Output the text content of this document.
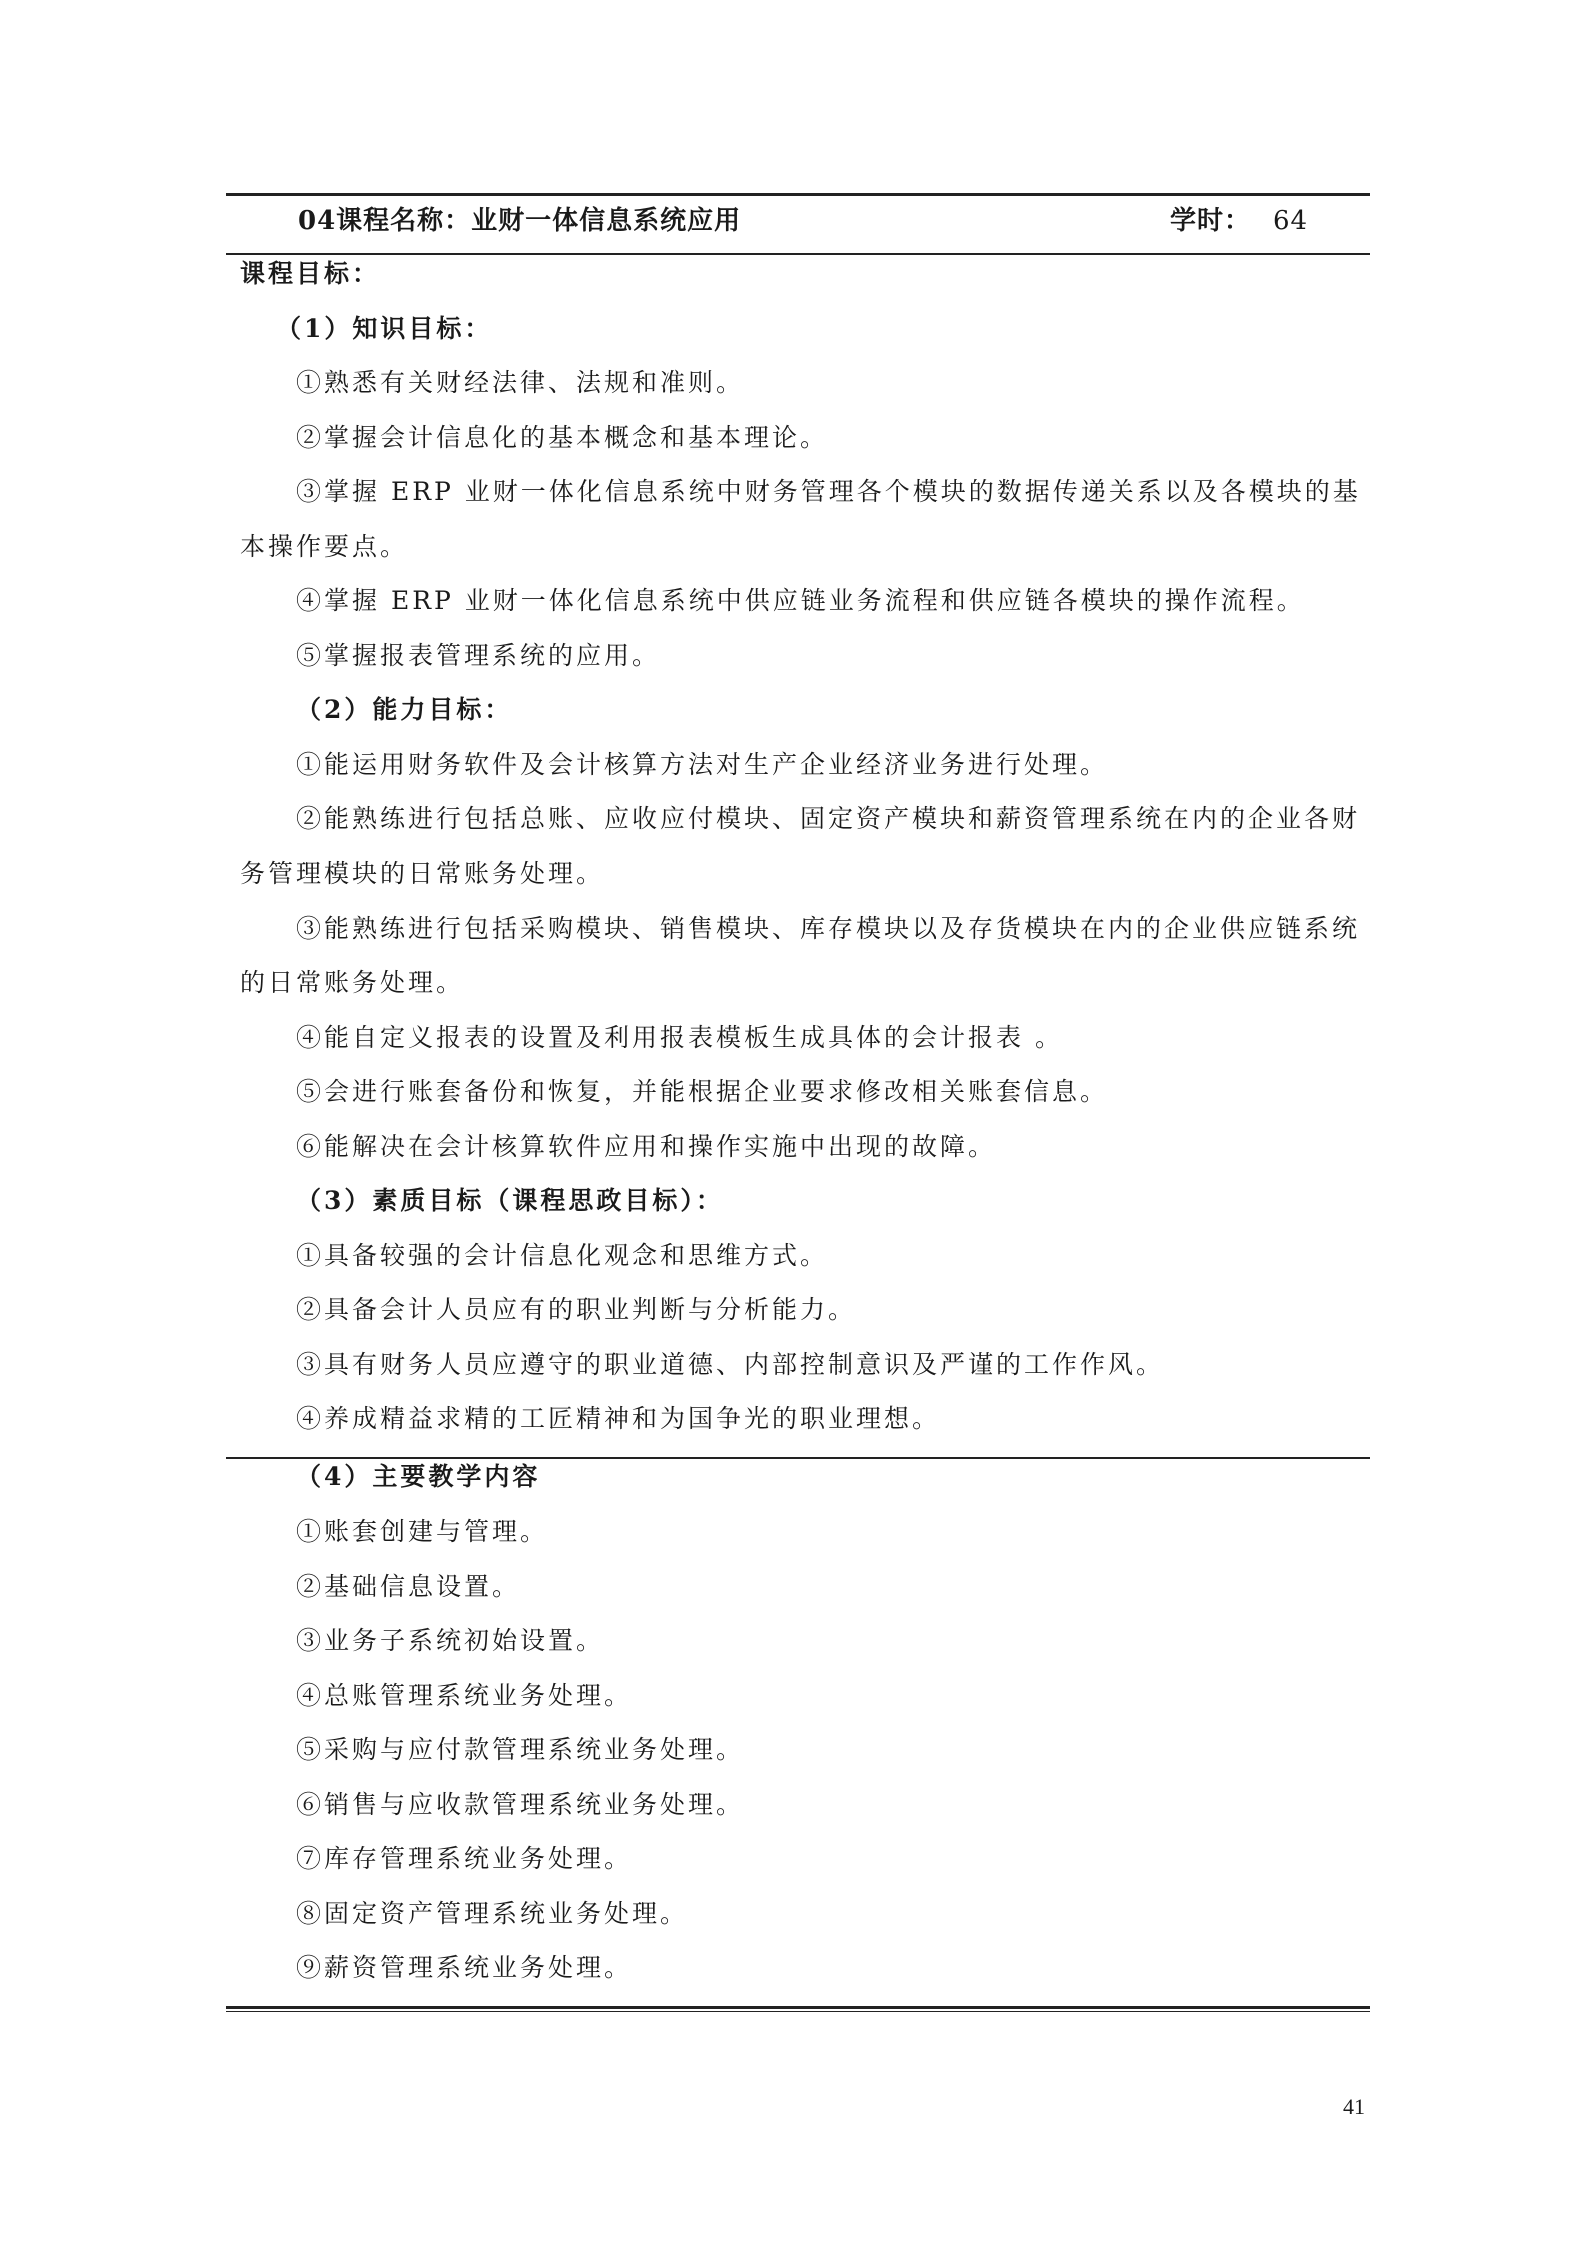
04课程名称：业财一体信息系统应用	学时： 64
课程目标：
（1）知识目标：
①熟悉有关财经法律、法规和准则。
②掌握会计信息化的基本概念和基本理论。
③掌握 ERP 业财一体化信息系统中财务管理各个模块的数据传递关系以及各模块的基
本操作要点。
④掌握 ERP 业财一体化信息系统中供应链业务流程和供应链各模块的操作流程。
⑤掌握报表管理系统的应用。
（2）能力目标：
①能运用财务软件及会计核算方法对生产企业经济业务进行处理。
②能熟练进行包括总账、应收应付模块、固定资产模块和薪资管理系统在内的企业各财
务管理模块的日常账务处理。
③能熟练进行包括采购模块、销售模块、库存模块以及存货模块在内的企业供应链系统
的日常账务处理。
④能自定义报表的设置及利用报表模板生成具体的会计报表 。
⑤会进行账套备份和恢复，并能根据企业要求修改相关账套信息。
⑥能解决在会计核算软件应用和操作实施中出现的故障。
（3）素质目标（课程思政目标）：
①具备较强的会计信息化观念和思维方式。
②具备会计人员应有的职业判断与分析能力。
③具有财务人员应遵守的职业道德、内部控制意识及严谨的工作作风。
④养成精益求精的工匠精神和为国争光的职业理想。
（4）主要教学内容
①账套创建与管理。
②基础信息设置。
③业务子系统初始设置。
④总账管理系统业务处理。
⑤采购与应付款管理系统业务处理。
⑥销售与应收款管理系统业务处理。
⑦库存管理系统业务处理。
⑧固定资产管理系统业务处理。
⑨薪资管理系统业务处理。
41
